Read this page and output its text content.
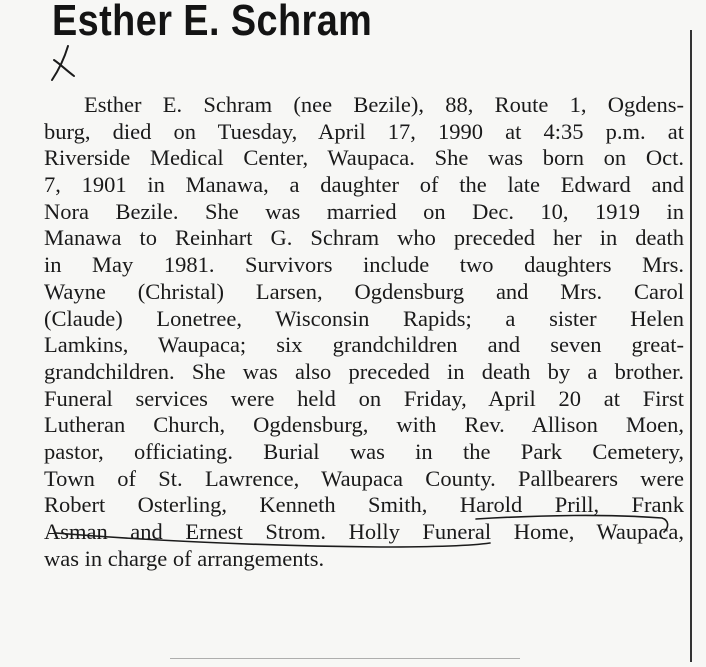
Esther E. Schram
Esther E. Schram (nee Bezile), 88, Route 1, Ogdens-
burg, died on Tuesday, April 17, 1990 at 4:35 p.m. at
Riverside Medical Center, Waupaca. She was born on Oct.
7, 1901 in Manawa, a daughter of the late Edward and
Nora Bezile. She was married on Dec. 10, 1919 in
Manawa to Reinhart G. Schram who preceded her in death
in May 1981. Survivors include two daughters Mrs.
Wayne (Christal) Larsen, Ogdensburg and Mrs. Carol
(Claude) Lonetree, Wisconsin Rapids; a sister Helen
Lamkins, Waupaca; six grandchildren and seven great-
grandchildren. She was also preceded in death by a brother.
Funeral services were held on Friday, April 20 at First
Lutheran Church, Ogdensburg, with Rev. Allison Moen,
pastor, officiating. Burial was in the Park Cemetery,
Town of St. Lawrence, Waupaca County. Pallbearers were
Robert Osterling, Kenneth Smith, Harold Prill, Frank
Asman and Ernest Strom. Holly Funeral Home, Waupaca,
was in charge of arrangements.
